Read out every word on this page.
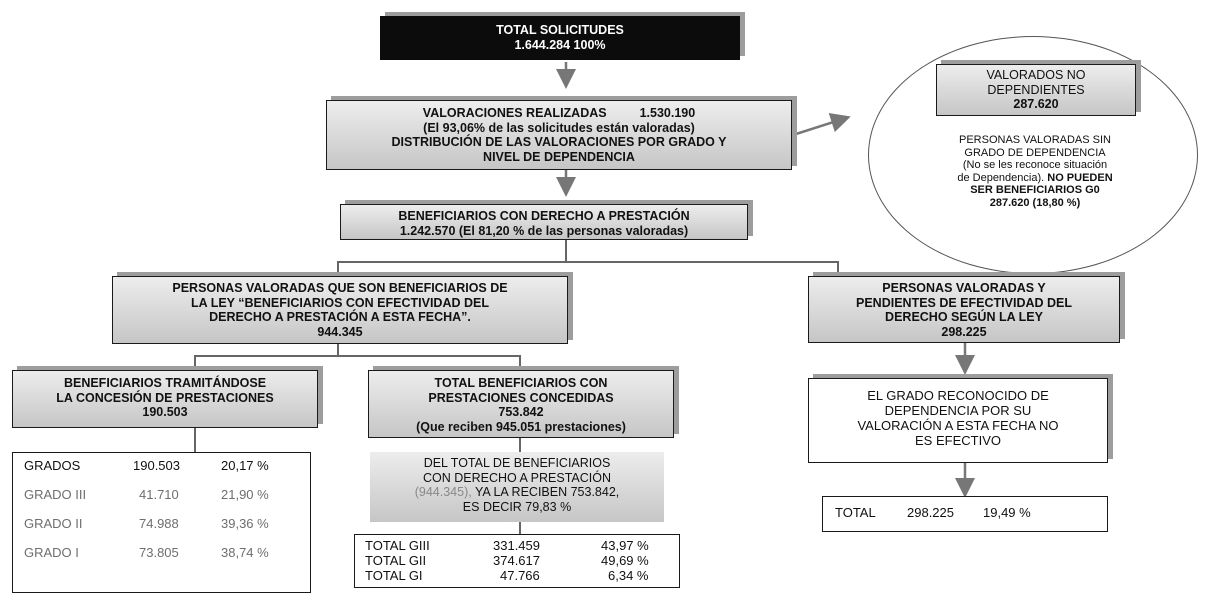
TOTAL SOLICITUDES
1.644.284 100%
VALORACIONES REALIZADAS	1.530.190
(El 93,06% de las solicitudes están valoradas)
DISTRIBUCIÓN DE LAS VALORACIONES POR GRADO Y
NIVEL DE DEPENDENCIA
VALORADOS NO
DEPENDIENTES
287.620
PERSONAS VALORADAS SIN
GRADO DE DEPENDENCIA
(No se les reconoce situación
de Dependencia). NO PUEDEN
SER BENEFICIARIOS G0
287.620 (18,80 %)
BENEFICIARIOS CON DERECHO A PRESTACIÓN
1.242.570 (El 81,20 % de las personas valoradas)
PERSONAS VALORADAS QUE SON BENEFICIARIOS DE
LA LEY “BENEFICIARIOS CON EFECTIVIDAD DEL
DERECHO A PRESTACIÓN A ESTA FECHA”.
944.345
PERSONAS VALORADAS Y
PENDIENTES DE EFECTIVIDAD DEL
DERECHO SEGÚN LA LEY
298.225
BENEFICIARIOS TRAMITÁNDOSE
LA CONCESIÓN DE PRESTACIONES
190.503
TOTAL BENEFICIARIOS CON
PRESTACIONES CONCEDIDAS
753.842
(Que reciben 945.051 prestaciones)
EL GRADO RECONOCIDO DE
DEPENDENCIA POR SU
VALORACIÓN A ESTA FECHA NO
ES EFECTIVO
GRADOS	190.503	20,17 %
GRADO III	41.710	21,90 %
GRADO II	74.988	39,36 %
GRADO I	73.805	38,74 %
DEL TOTAL DE BENEFICIARIOS
CON DERECHO A PRESTACIÓN
(944.345), YA LA RECIBEN 753.842,
ES DECIR 79,83 %
TOTAL GIII	331.459	43,97 %
TOTAL GII	374.617	49,69 %
TOTAL GI	47.766	6,34 %
TOTAL 298.225 19,49 %
